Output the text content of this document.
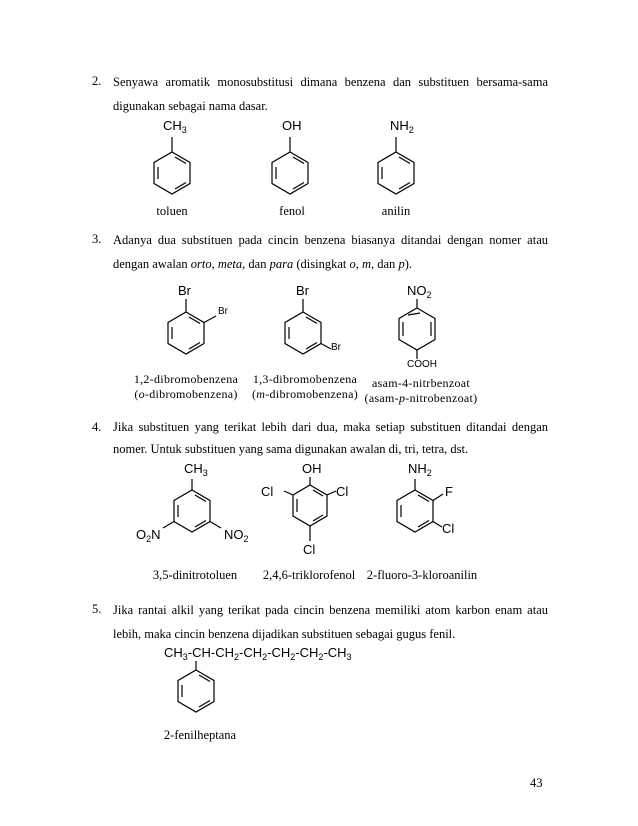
2. Senyawa aromatik monosubstitusi dimana benzena dan substituen bersama-sama digunakan sebagai nama dasar.
$CH_3$
toluen
OH
fenol
$NH_2$
anilin
3. Adanya dua substituen pada cincin benzena biasanya ditandai dengan nomer atau dengan awalan orto, meta, dan para (disingkat o, m, dan p).
Br
Br
1,2-dibromobenzena
(o-dibromobenzena)
Br
Br
1,3-dibromobenzena
(m-dibromobenzena)
$NO_2$
COOH
asam-4-nitrbenzoat
(asam-p-nitrobenzoat)
4. Jika substituen yang terikat lebih dari dua, maka setiap substituen ditandai dengan nomer. Untuk substituen yang sama digunakan awalan di, tri, tetra, dst.
$CH_3$
$O_2N$	$NO_2$
3,5-dinitrotoluen
OH
Cl	Cl
Cl
2,4,6-triklorofenol
$NH_2$
F
Cl
2-fluoro-3-kloroanilin
5. Jika rantai alkil yang terikat pada cincin benzena memiliki atom karbon enam atau lebih, maka cincin benzena dijadikan substituen sebagai gugus fenil.
$CH_3-CH-CH_2-CH_2-CH_2-CH_2-CH_3$
2-fenilheptana
43
